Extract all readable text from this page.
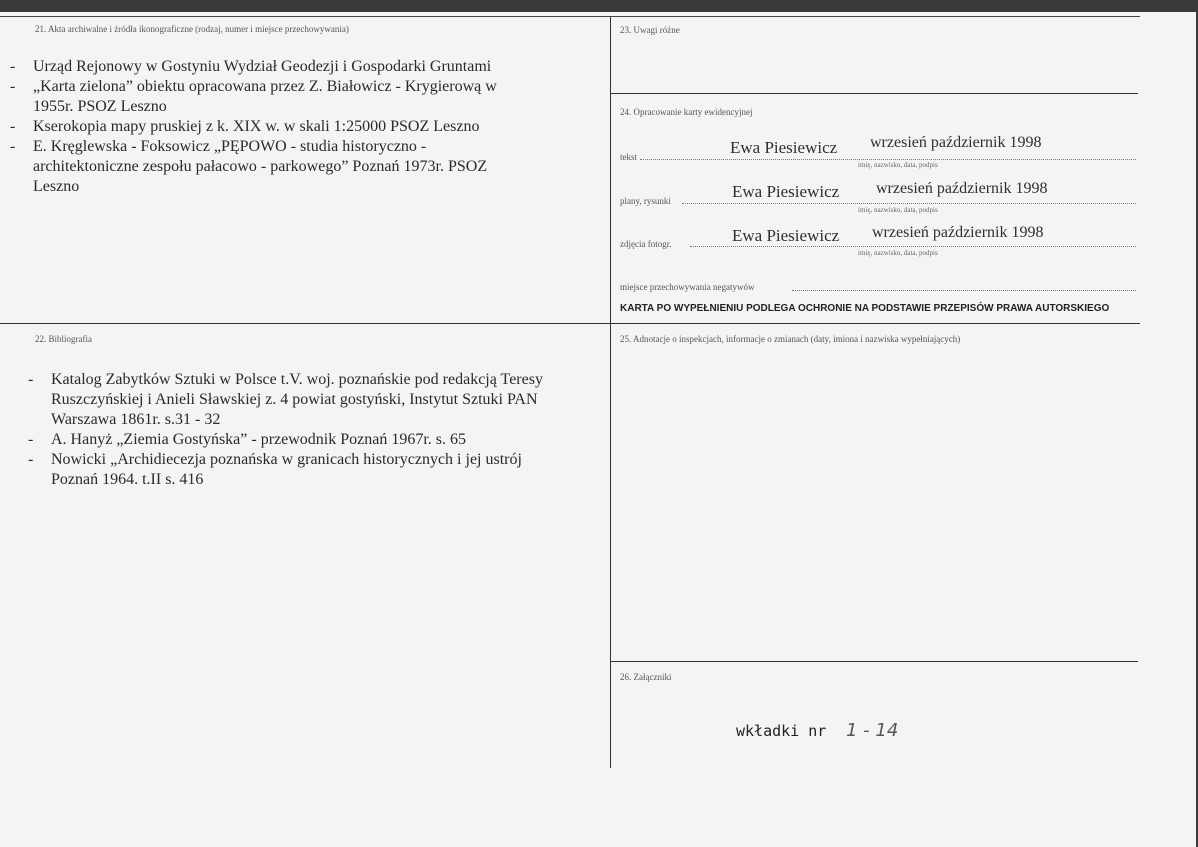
21. Akta archiwalne i źródła ikonograficzne (rodzaj, numer i miejsce przechowywania)
- Urząd Rejonowy w Gostyniu Wydział Geodezji i Gospodarki Gruntami
- „Karta zielona” obiektu opracowana przez Z. Białowicz - Krygierową w 1955r. PSOZ Leszno
- Kserokopia mapy pruskiej z k. XIX w. w skali 1:25000 PSOZ Leszno
- E. Kręglewska - Foksowicz „PĘPOWO - studia historyczno - architektoniczne zespołu pałacowo - parkowego” Poznań 1973r. PSOZ Leszno
23. Uwagi różne
24. Opracowanie karty ewidencyjnej
tekst	Ewa Piesiewicz wrzesień październik 1998
imię, nazwisko, data, podpis
plany, rysunki	Ewa Piesiewicz wrzesień październik 1998
imię, nazwisko, data, podpis
zdjęcia fotogr.	Ewa Piesiewicz wrzesień październik 1998
imię, nazwisko, data, podpis
miejsce przechowywania negatywów
KARTA PO WYPEŁNIENIU PODLEGA OCHRONIE NA PODSTAWIE PRZEPISÓW PRAWA AUTORSKIEGO
22. Bibliografia
- Katalog Zabytków Sztuki w Polsce t.V. woj. poznańskie pod redakcją Teresy Ruszczyńskiej i Anieli Sławskiej z. 4 powiat gostyński, Instytut Sztuki PAN Warszawa 1861r. s.31 - 32
- A. Hanyż „Ziemia Gostyńska” - przewodnik Poznań 1967r. s. 65
- Nowicki „Archidiecezja poznańska w granicach historycznych i jej ustrój Poznań 1964. t.II s. 416
25. Adnotacje o inspekcjach, informacje o zmianach (daty, imiona i nazwiska wypełniających)
26. Załączniki
wkładki nr 1 - 14
